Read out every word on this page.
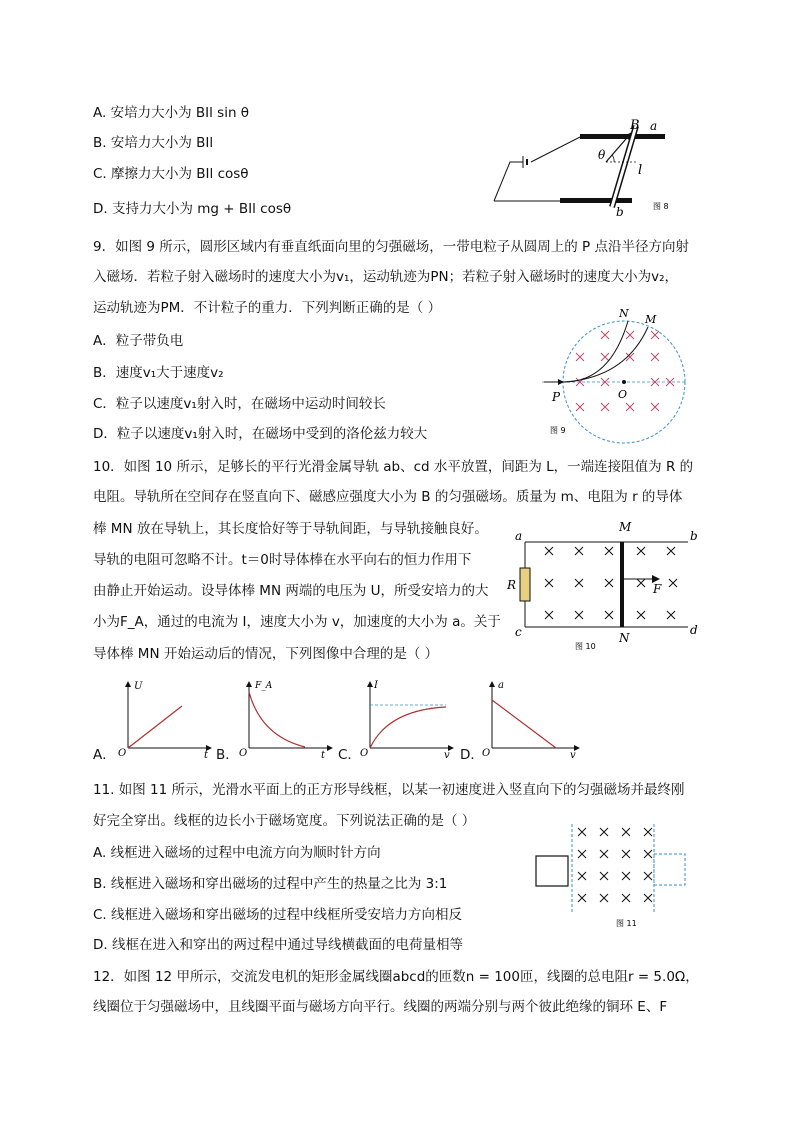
A. 安培力大小为 BIl sin θ
B. 安培力大小为 BIl
C. 摩擦力大小为 BIl cosθ
D. 支持力大小为 mg + BIl cosθ
B a
θ
l
b	图 8
9．如图 9 所示，圆形区域内有垂直纸面向里的匀强磁场，一带电粒子从圆周上的 P 点沿半径方向射
入磁场．若粒子射入磁场时的速度大小为v₁，运动轨迹为PN；若粒子射入磁场时的速度大小为v₂，
运动轨迹为PM．不计粒子的重力．下列判断正确的是（ ）
A．粒子带负电
B．速度v₁大于速度v₂
C．粒子以速度v₁射入时，在磁场中运动时间较长
D．粒子以速度v₁射入时，在磁场中受到的洛伦兹力较大
N M
P	O
图 9
10．如图 10 所示，足够长的平行光滑金属导轨 ab、cd 水平放置，间距为 L，一端连接阻值为 R 的
电阻。导轨所在空间存在竖直向下、磁感应强度大小为 B 的匀强磁场。质量为 m、电阻为 r 的导体
棒 MN 放在导轨上，其长度恰好等于导轨间距，与导轨接触良好。
导轨的电阻可忽略不计。t＝0时导体棒在水平向右的恒力作用下
由静止开始运动。设导体棒 MN 两端的电压为 U，所受安培力的大
小为F_A，通过的电流为 I，速度大小为 v，加速度的大小为 a。关于
导体棒 MN 开始运动后的情况，下列图像中合理的是（ ）
M
N
a	b
c	d
R	F
图 10
A．
U
t
O	B．
F_A
t
O	C．
I
v
O
a
v
O
D．
11. 如图 11 所示，光滑水平面上的正方形导线框，以某一初速度进入竖直向下的匀强磁场并最终刚
好完全穿出。线框的边长小于磁场宽度。下列说法正确的是（ ）
A. 线框进入磁场的过程中电流方向为顺时针方向
B. 线框进入磁场和穿出磁场的过程中产生的热量之比为 3:1
C. 线框进入磁场和穿出磁场的过程中线框所受安培力方向相反
D. 线框在进入和穿出的两过程中通过导线横截面的电荷量相等
图 11
12．如图 12 甲所示，交流发电机的矩形金属线圈abcd的匝数n = 100匝，线圈的总电阻r = 5.0Ω，
线圈位于匀强磁场中，且线圈平面与磁场方向平行。线圈的两端分别与两个彼此绝缘的铜环 E、F
